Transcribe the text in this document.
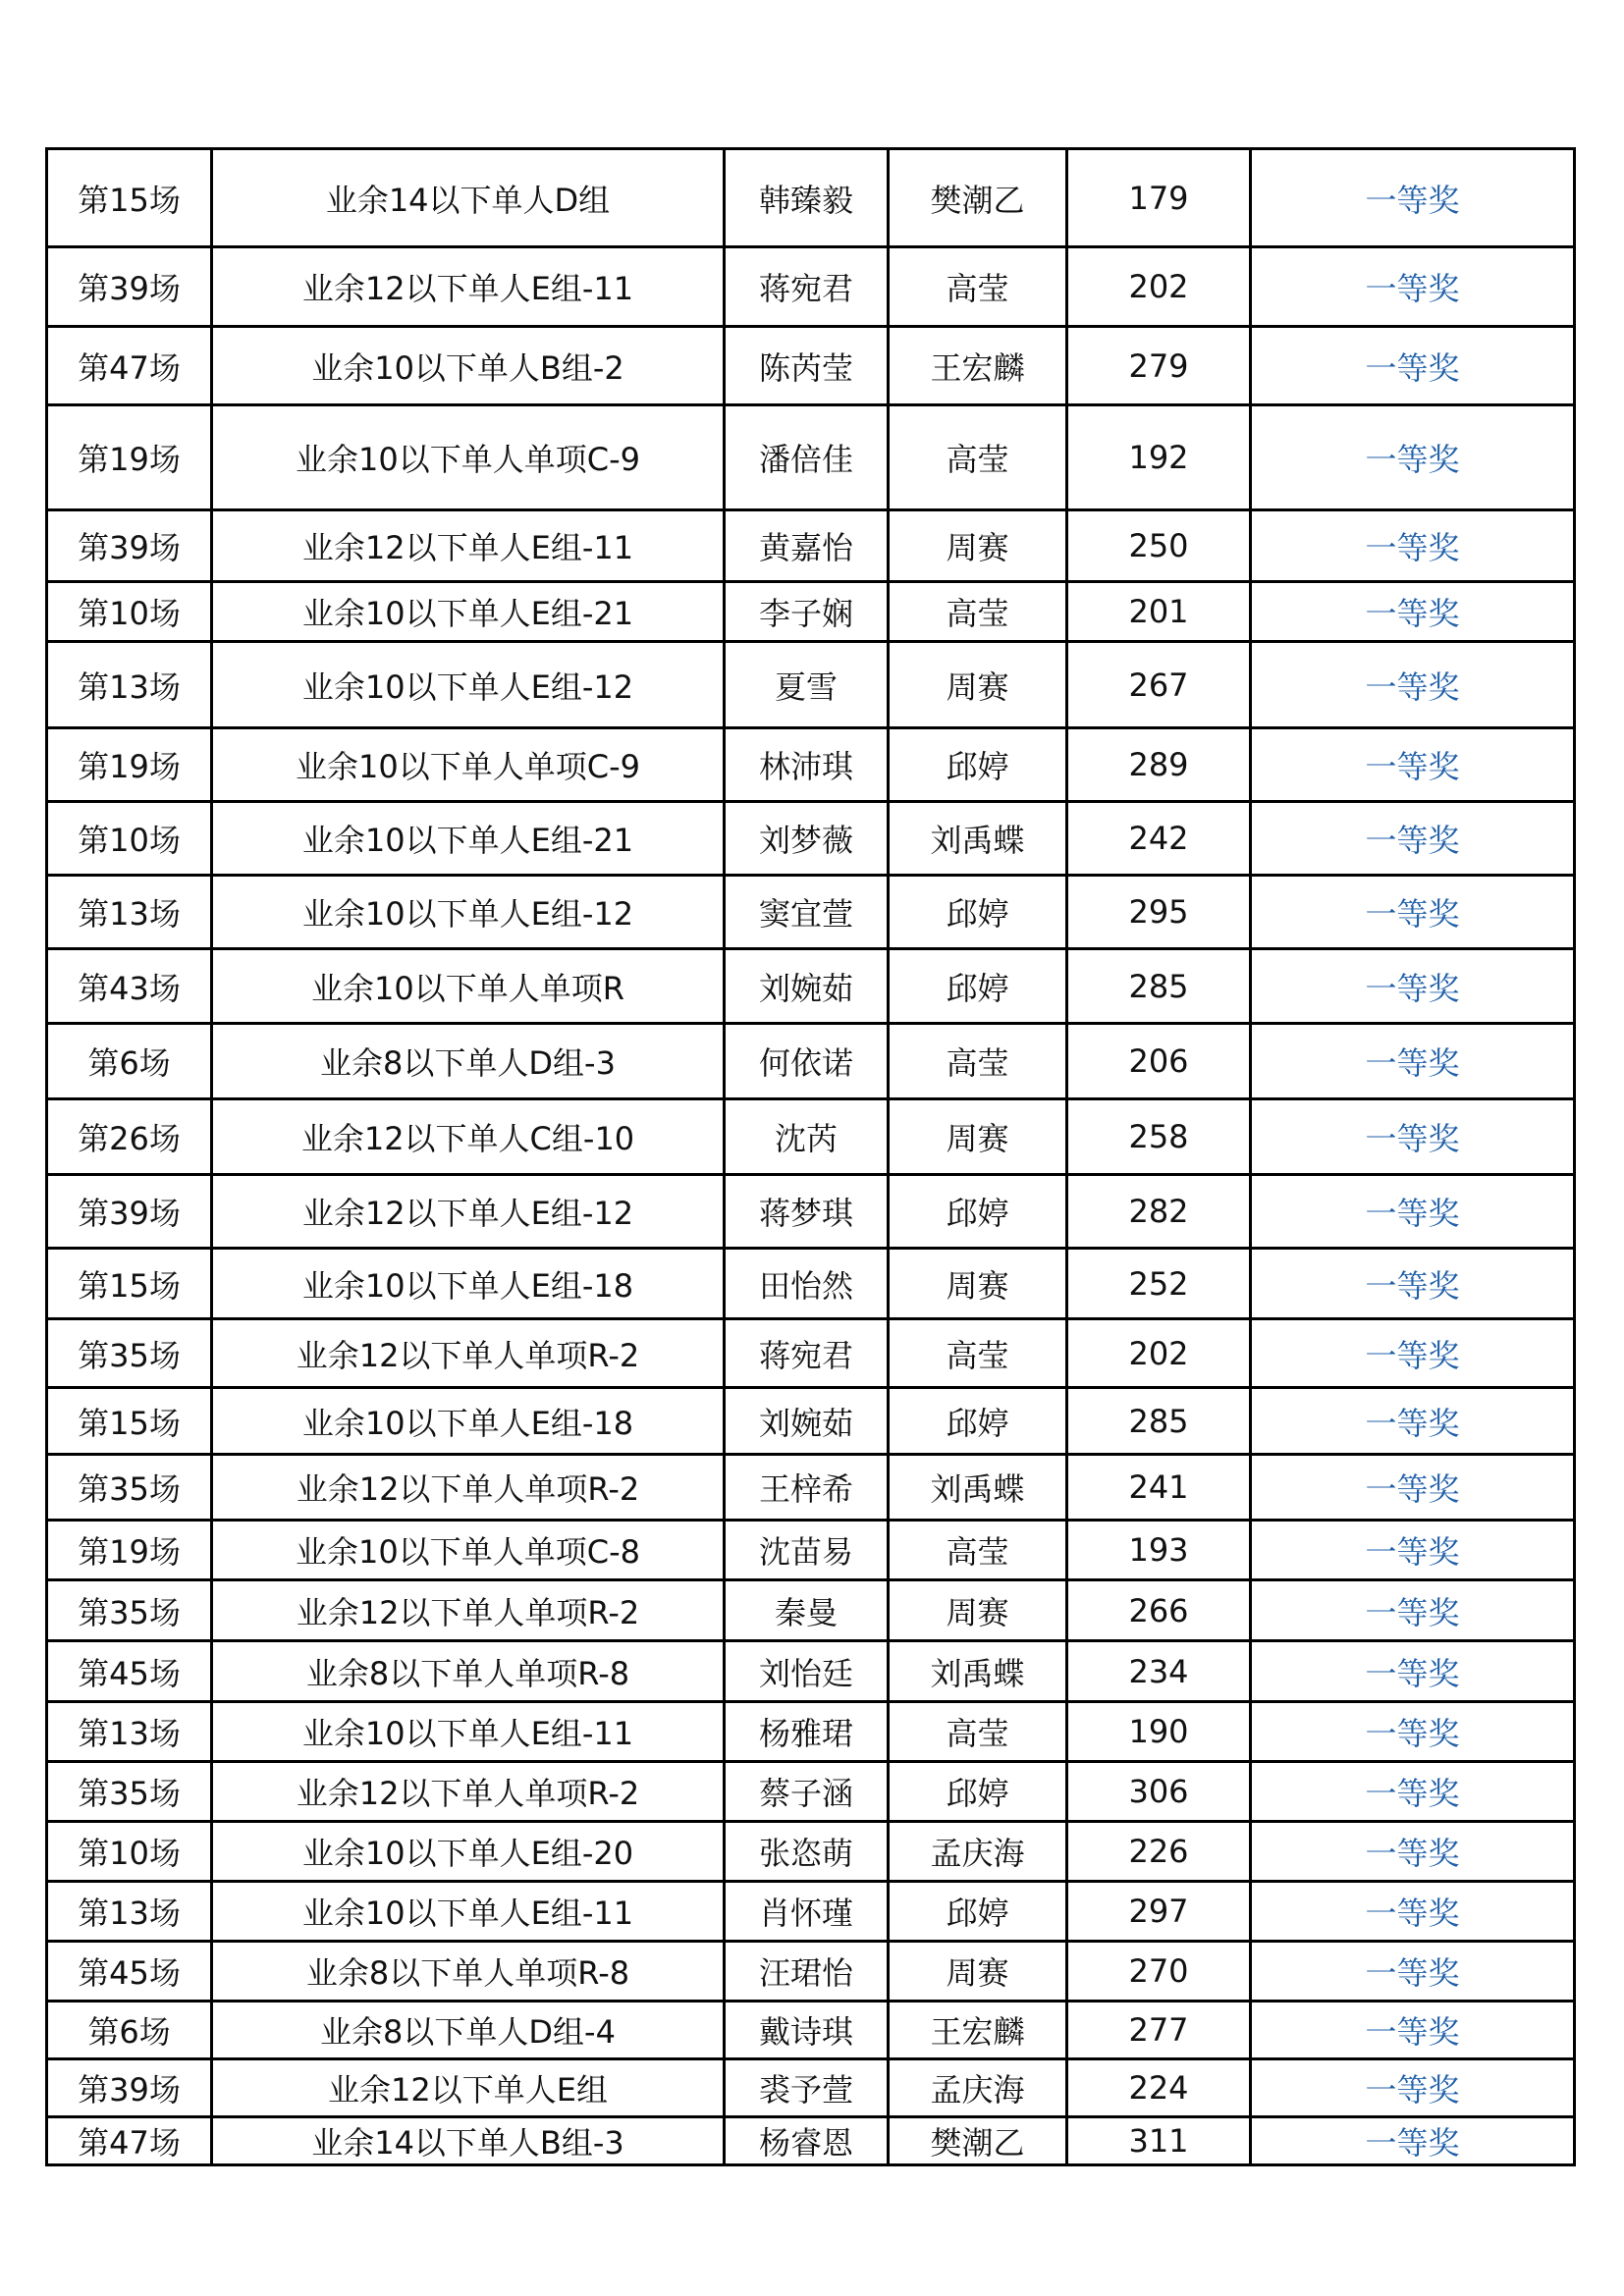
第15场	业余14以下单人D组	韩臻毅	樊潮乙	179	一等奖
第39场	业余12以下单人E组-11	蒋宛君	高莹	202	一等奖
第47场	业余10以下单人B组-2	陈芮莹	王宏麟	279	一等奖
第19场	业余10以下单人单项C-9	潘倍佳	高莹	192	一等奖
第39场	业余12以下单人E组-11	黄嘉怡	周赛	250	一等奖
第10场	业余10以下单人E组-21	李子娴	高莹	201	一等奖
第13场	业余10以下单人E组-12	夏雪	周赛	267	一等奖
第19场	业余10以下单人单项C-9	林沛琪	邱婷	289	一等奖
第10场	业余10以下单人E组-21	刘梦薇	刘禹蝶	242	一等奖
第13场	业余10以下单人E组-12	窦宜萱	邱婷	295	一等奖
第43场	业余10以下单人单项R	刘婉茹	邱婷	285	一等奖
第6场	业余8以下单人D组-3	何依诺	高莹	206	一等奖
第26场	业余12以下单人C组-10	沈芮	周赛	258	一等奖
第39场	业余12以下单人E组-12	蒋梦琪	邱婷	282	一等奖
第15场	业余10以下单人E组-18	田怡然	周赛	252	一等奖
第35场	业余12以下单人单项R-2	蒋宛君	高莹	202	一等奖
第15场	业余10以下单人E组-18	刘婉茹	邱婷	285	一等奖
第35场	业余12以下单人单项R-2	王梓希	刘禹蝶	241	一等奖
第19场	业余10以下单人单项C-8	沈苗易	高莹	193	一等奖
第35场	业余12以下单人单项R-2	秦曼	周赛	266	一等奖
第45场	业余8以下单人单项R-8	刘怡廷	刘禹蝶	234	一等奖
第13场	业余10以下单人E组-11	杨雅珺	高莹	190	一等奖
第35场	业余12以下单人单项R-2	蔡子涵	邱婷	306	一等奖
第10场	业余10以下单人E组-20	张恣萌	孟庆海	226	一等奖
第13场	业余10以下单人E组-11	肖怀瑾	邱婷	297	一等奖
第45场	业余8以下单人单项R-8	汪珺怡	周赛	270	一等奖
第6场	业余8以下单人D组-4	戴诗琪	王宏麟	277	一等奖
第39场	业余12以下单人E组	裘予萱	孟庆海	224	一等奖
第47场	业余14以下单人B组-3	杨睿恩	樊潮乙	311	一等奖
